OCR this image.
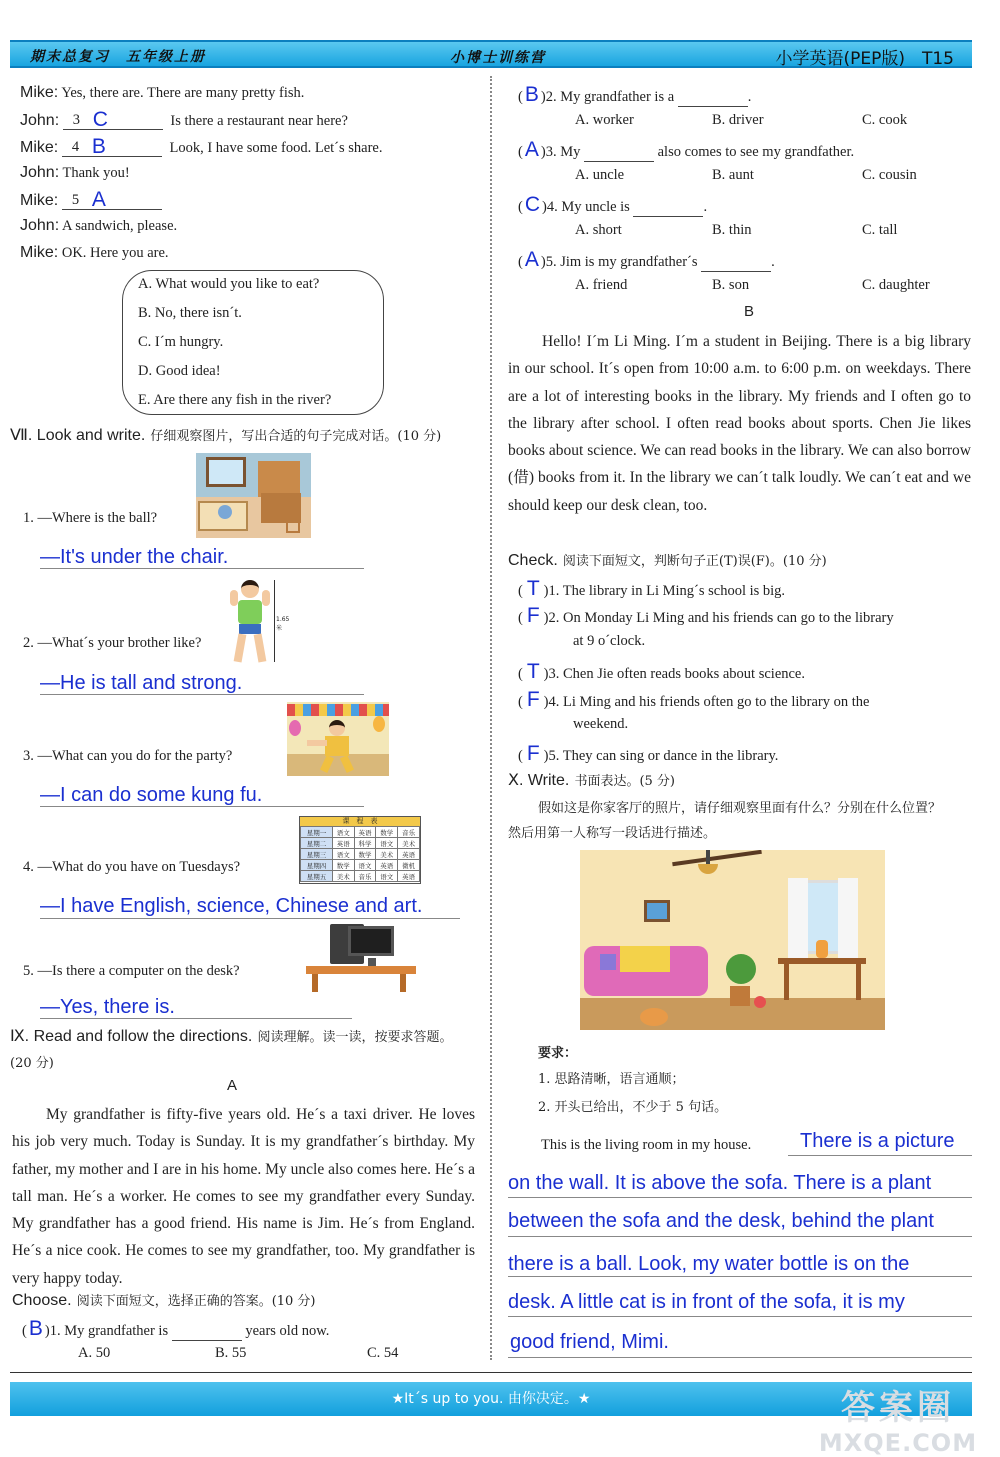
期末总复习　五年级上册	小博士训练营	小学英语(PEP版)　T15
Mike: Yes, there are. There are many pretty fish.
John: 3 C	Is there a restaurant near here?
Mike: 4 B	Look, I have some food. Let´s share.
John: Thank you!
Mike: 5 A
John: A sandwich, please.
Mike: OK. Here you are.
A. What would you like to eat?
B. No, there isn´t.
C. I´m hungry.
D. Good idea!
E. Are there any fish in the river?
Ⅶ. Look and write. 仔细观察图片，写出合适的句子完成对话。(10 分)
1. —Where is the ball?
—It's under the chair.
1.65米
2. —What´s your brother like?
—He is tall and strong.
3. —What can you do for the party?
—I can do some kung fu.
课　程　表
星期一	语文	英语	数学	音乐
星期二	英语	科学	语文	美术
星期三	语文	数学	美术	英语
星期四	数学	语文	英语	微机
星期五	美术	音乐	语文	英语
4. —What do you have on Tuesdays?
—I have English, science, Chinese and art.
5. —Is there a computer on the desk?
—Yes, there is.
Ⅸ. Read and follow the directions. 阅读理解。读一读，按要求答题。
(20 分)
A
My grandfather is fifty-five years old. He´s a taxi driver. He loves his job very much. Today is Sunday. It is my grandfather´s birthday. My father, my mother and I are in his home. My uncle also comes here. He´s a tall man. He´s a worker. He comes to see my grandfather every Sunday. My grandfather has a good friend. His name is Jim. He´s from England. He´s a nice cook. He comes to see my grandfather, too. My grandfather is very happy today.
Choose. 阅读下面短文，选择正确的答案。(10 分)
(B )1. My grandfather is	years old now.
A. 50	B. 55	C. 54
(B )2. My grandfather is a	.
A. worker	B. driver	C. cook
(A )3. My	also comes to see my grandfather.
A. uncle	B. aunt	C. cousin
(C )4. My uncle is	.
A. short	B. thin	C. tall
(A )5. Jim is my grandfather´s	.
A. friend	B. son	C. daughter
B
Hello! I´m Li Ming. I´m a student in Beijing. There is a big library in our school. It´s open from 10:00 a.m. to 6:00 p.m. on weekdays. There are a lot of interesting books in the library. My friends and I often go to the library after school. I often read books about sports. Chen Jie likes books about science. We can read books in the library. We can also borrow (借) books from it. In the library we can´t talk loudly. We can´t eat and we should keep our desk clean, too.
Check. 阅读下面短文，判断句子正(T)误(F)。(10 分)
( T )1. The library in Li Ming´s school is big.
( F )2. On Monday Li Ming and his friends can go to the library
at 9 o´clock.
( T )3. Chen Jie often reads books about science.
( F )4. Li Ming and his friends often go to the library on the
weekend.
( F )5. They can sing or dance in the library.
Ⅹ. Write. 书面表达。(5 分)
假如这是你家客厅的照片，请仔细观察里面有什么？分别在什么位置？
然后用第一人称写一段话进行描述。
要求：
1. 思路清晰，语言通顺；
2. 开头已给出，不少于 5 句话。
This is the living room in my house. There is a picture
on the wall. It is above the sofa. There is a plant
between the sofa and the desk, behind the plant
there is a ball. Look, my water bottle is on the
desk. A little cat is in front of the sofa, it is my
good friend, Mimi.
★It´s up to you. 由你决定。★	答案圈
MXQE.COM
